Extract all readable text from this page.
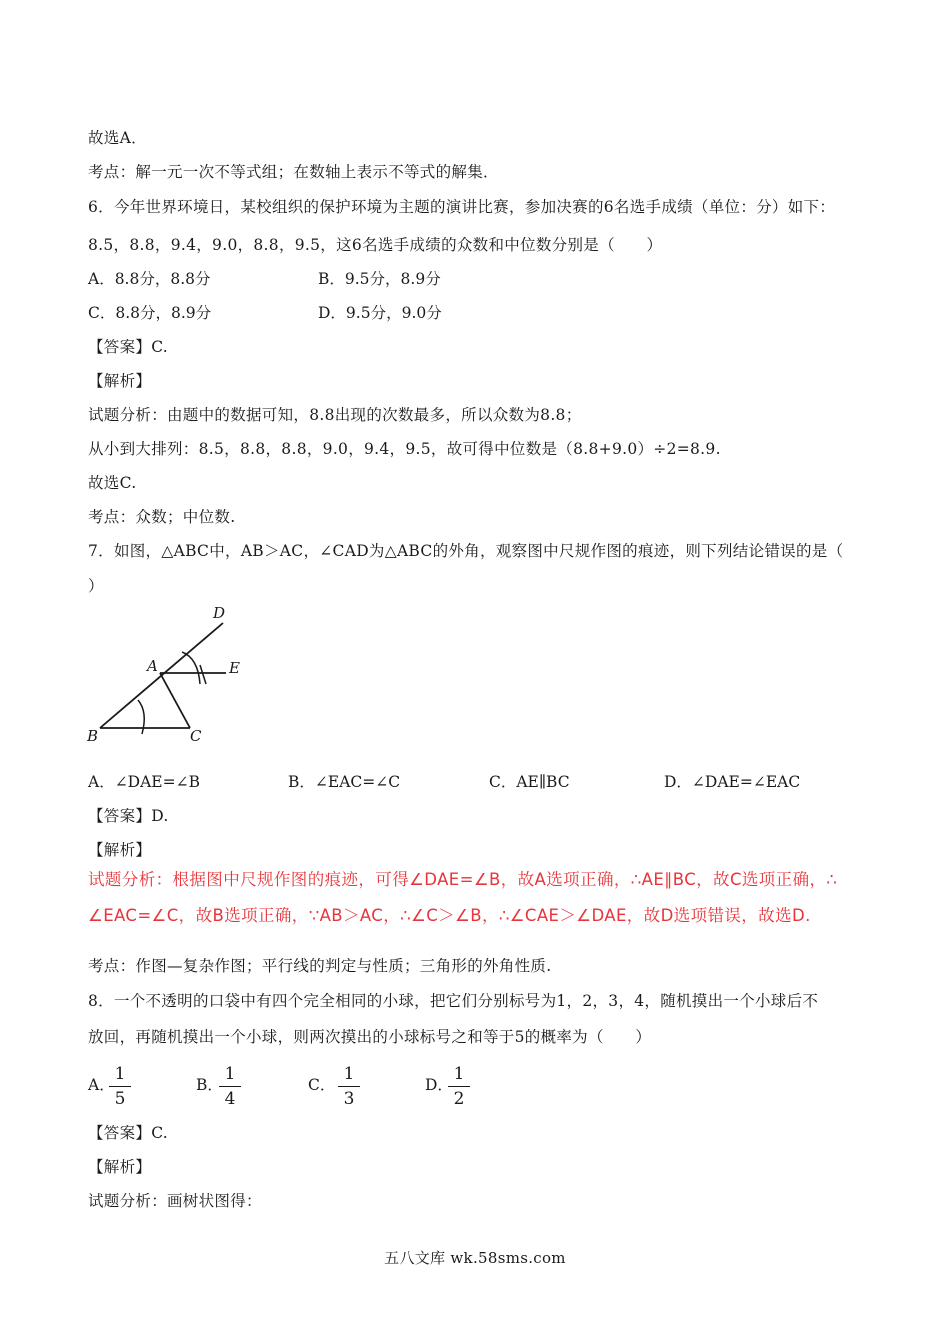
故选A．
考点：解一元一次不等式组；在数轴上表示不等式的解集．
6．今年世界环境日，某校组织的保护环境为主题的演讲比赛，参加决赛的6名选手成绩（单位：分）如下：
8.5，8.8，9.4，9.0，8.8，9.5，这6名选手成绩的众数和中位数分别是（　　）
A．8.8分，8.8分	B．9.5分，8.9分
C．8.8分，8.9分	D．9.5分，9.0分
【答案】C.
【解析】
试题分析：由题中的数据可知，8.8出现的次数最多，所以众数为8.8；
从小到大排列：8.5，8.8，8.8，9.0，9.4，9.5，故可得中位数是（8.8+9.0）÷2=8.9.
故选C.
考点：众数；中位数.
7．如图，△ABC中，AB＞AC，∠CAD为△ABC的外角，观察图中尺规作图的痕迹，则下列结论错误的是（
）
D
A	E
B	C
A．∠DAE=∠B	B．∠EAC=∠C	C．AE∥BC	D．∠DAE=∠EAC
【答案】D.
【解析】
试题分析：根据图中尺规作图的痕迹，可得∠DAE=∠B，故A选项正确，∴AE∥BC，故C选项正确，∴
∠EAC=∠C，故B选项正确，∵AB＞AC，∴∠C＞∠B，∴∠CAE＞∠DAE，故D选项错误，故选D.
考点：作图—复杂作图；平行线的判定与性质；三角形的外角性质.
8．一个不透明的口袋中有四个完全相同的小球，把它们分别标号为1，2，3，4，随机摸出一个小球后不
放回，再随机摸出一个小球，则两次摸出的小球标号之和等于5的概率为（　　）
A．
$\frac{1}{5}$	B．
$\frac{1}{4}$	C． $\frac{1}{3}$	D．
$\frac{1}{2}$
【答案】C.
【解析】
试题分析：画树状图得：
五八文库 wk.58sms.com
